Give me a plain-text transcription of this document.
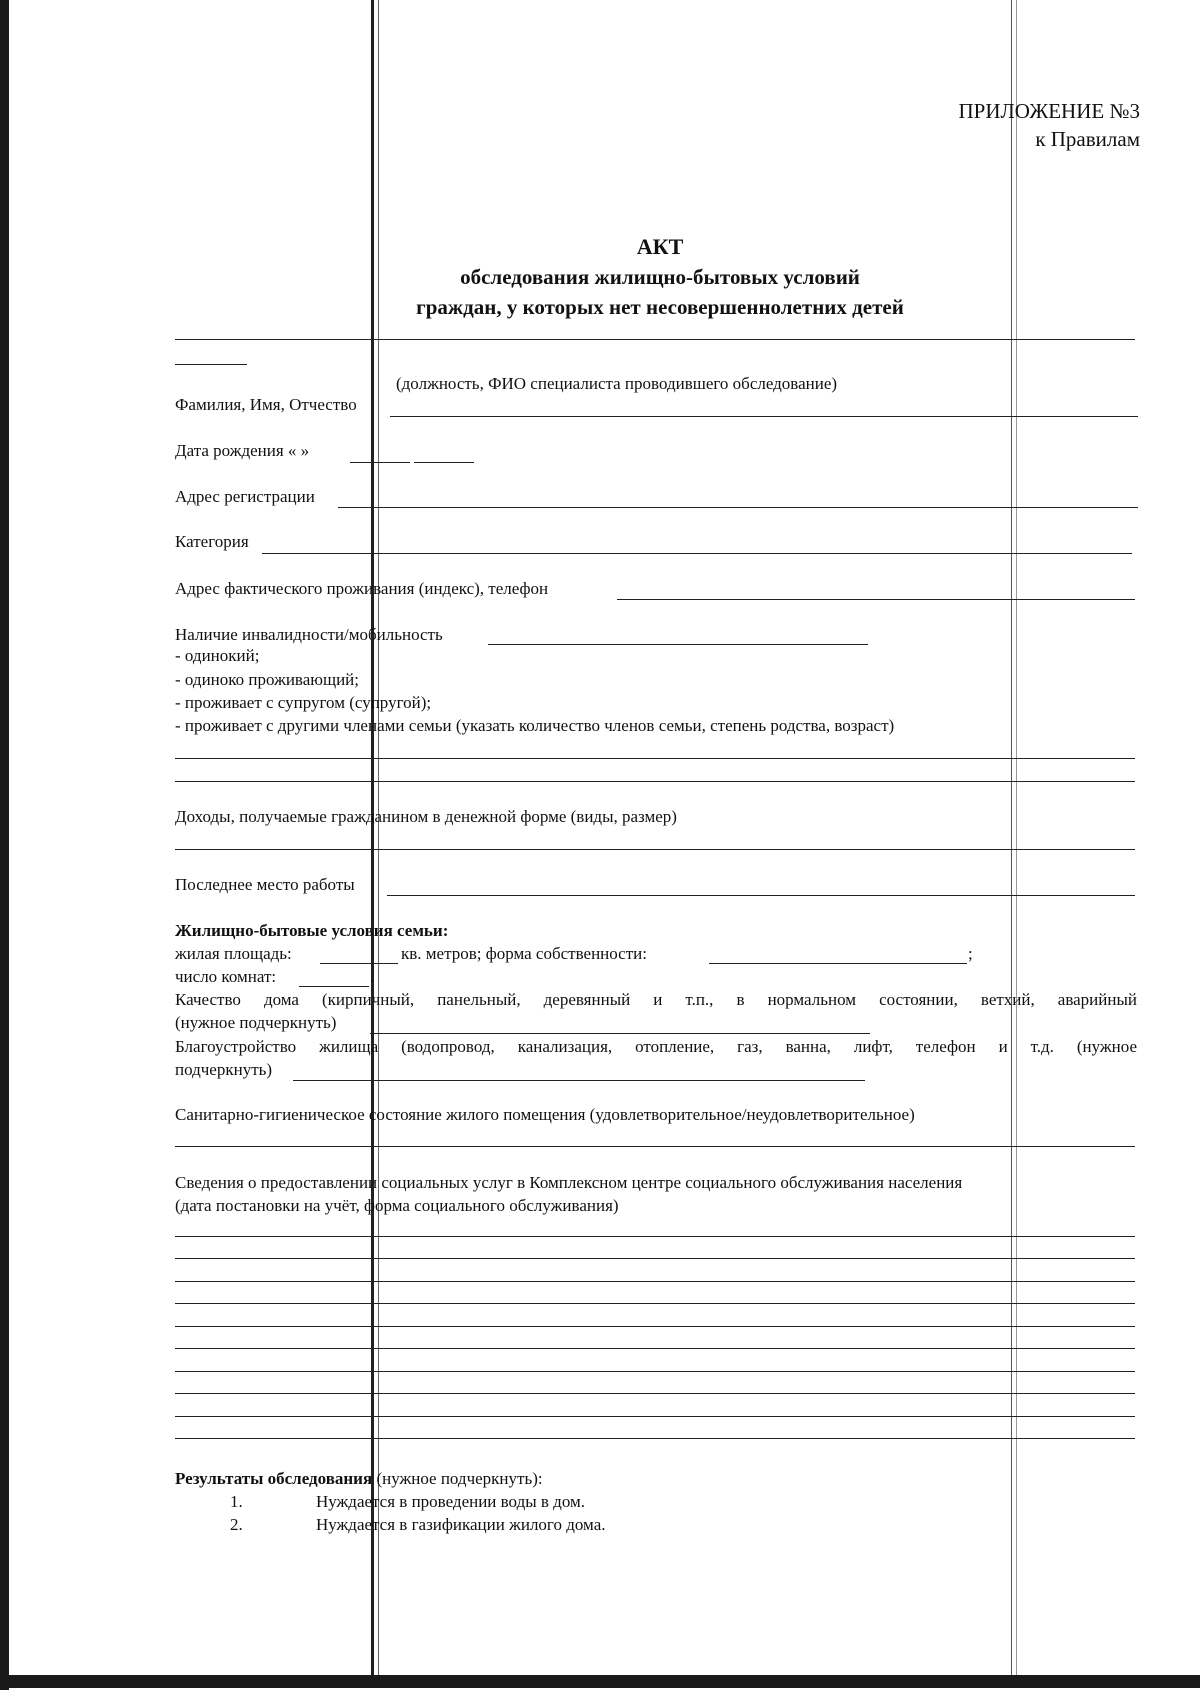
ПРИЛОЖЕНИЕ №3
к Правилам
АКТ
обследования жилищно-бытовых условий
граждан, у которых нет несовершеннолетних детей
(должность, ФИО специалиста проводившего обследование)
Фамилия, Имя, Отчество
Дата рождения « »
Адрес регистрации
Категория
Адрес фактического проживания (индекс), телефон
Наличие инвалидности/мобильность
- одинокий;
- одиноко проживающий;
- проживает с супругом (супругой);
- проживает с другими членами семьи (указать количество членов семьи, степень родства, возраст)
Доходы, получаемые гражданином в денежной форме (виды, размер)
Последнее место работы
Жилищно-бытовые условия семьи:
жилая площадь:	кв. метров; форма собственности:	;
число комнат:	.
Качество дома (кирпичный, панельный, деревянный и т.п., в нормальном состоянии, ветхий, аварийный
(нужное подчеркнуть)
Благоустройство жилища (водопровод, канализация, отопление, газ, ванна, лифт, телефон и т.д. (нужное
подчеркнуть)
Санитарно-гигиеническое состояние жилого помещения (удовлетворительное/неудовлетворительное)
Сведения о предоставлении социальных услуг в Комплексном центре социального обслуживания населения
(дата постановки на учёт, форма социального обслуживания)
Результаты обследования (нужное подчеркнуть):
1.	Нуждается в проведении воды в дом.
2.	Нуждается в газификации жилого дома.
